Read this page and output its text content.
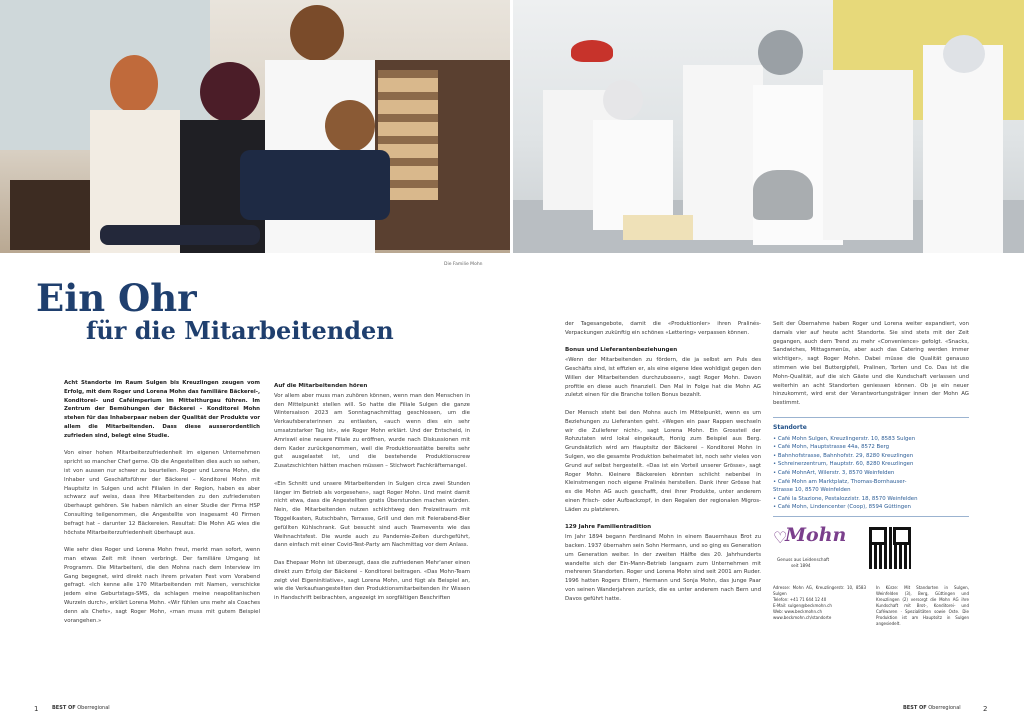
Die Familie Mohn
Ein Ohr
für die Mitarbeitenden

Acht Standorte im Raum Sulgen bis Kreuzlingen zeugen vom Erfolg, mit dem Roger und Lorena Mohn das familiäre Bäckerei-, Konditorei- und Caféimperium im Mittelthurgau führen. Im Zentrum der Bemühungen der Bäckerei – Konditorei Mohn stehen für das Inhaberpaar neben der Qualität der Produkte vor allem die Mitarbeitenden. Dass diese ausserordentlich zufrieden sind, belegt eine Studie.

Von einer hohen Mitarbeiterzufriedenheit im eigenen Unternehmen spricht so mancher Chef gerne. Ob die Angestellten dies auch so sehen, ist von aussen nur schwer zu beurteilen. Roger und Lorena Mohn, die Inhaber und Geschäftsführer der Bäckerei – Konditorei Mohn mit Hauptsitz in Sulgen und acht Filialen in der Region, haben es aber schwarz auf weiss, dass ihre Mitarbeitenden zu den zufriedensten überhaupt gehören. Sie haben nämlich an einer Studie der Firma HSP Consulting teilgenommen, die Angestellte von insgesamt 40 Firmen befragt hat – darunter 12 Bäckereien. Resultat: Die Mohn AG wies die höchste Mitarbeiterzufriedenheit überhaupt aus.

Wie sehr dies Roger und Lorena Mohn freut, merkt man sofort, wenn man etwas Zeit mit ihnen verbringt. Der familiäre Umgang ist Programm. Die Mitarbeiteni, die den Mohns nach dem Interview im Gang begegnet, wird direkt nach ihrem privaten Fest vom Vorabend gefragt. «Ich kenne alle 170 Mitarbeitenden mit Namen, verschicke jedem eine Geburtstags-SMS, da schlagen meine neapolitanischen Wurzeln durch», erklärt Lorena Mohn. «Wir fühlen uns mehr als Coaches denn als Chefs», sagt Roger Mohn, «man muss mit gutem Beispiel vorangehen.»

Auf die Mitarbeitenden hören

Vor allem aber muss man zuhören können, wenn man den Menschen in den Mittelpunkt stellen will. So hatte die Filiale Sulgen die ganze Wintersaison 2023 am Sonntagnachmittag geschlossen, um die Verkaufsberaterinnen zu entlasten, «auch wenn dies ein sehr umsatzstarker Tag ist», wie Roger Mohn erklärt. Und der Entscheid, in Amriswil eine neuere Filiale zu eröffnen, wurde nach Diskussionen mit dem Kader zurückgenommen, weil die Produktionsstätte bereits sehr gut ausgelastet ist, und die bestehende Produktionscrew Zusatzschichten hätten machen müssen – Stichwort Fachkräftemangel.

«Ein Schnitt und unsere Mitarbeitenden in Sulgen circa zwei Stunden länger im Betrieb als vorgesehen», sagt Roger Mohn. Und meint damit nicht etwa, dass die Angestellten gratis Überstunden machen würden. Nein, die Mitarbeitenden nutzen schlichtweg den Freizeitraum mit Töggelikasten, Rutschbahn, Terrasse, Grill und den mit Feierabend-Bier gefüllten Kühlschrank. Gut besucht sind auch Teamevents wie das Weihnachtsfest. Die wurde auch zu Pandemie-Zeiten durchgeführt, dann einfach mit einer Covid-Test-Party am Nachmittag vor dem Anlass.

Das Ehepaar Mohn ist überzeugt, dass die zufriedenen Mehr'aner einen direkt zum Erfolg der Bäckerei – Konditorei beitragen. «Das Mohn-Team zeigt viel Eigeninitiative», sagt Lorena Mohn, und fügt als Beispiel an, wie die Verkaufsangestellten den Produktionsmitarbeitenden ihr Wissen in Handschrift beibrachten, angezeigt im sorgfältigen Beschriften

der Tagesangebote, damit die «Produktionler» ihren Pralinés-Verpackungen zukünftig ein schönes «Lettering» verpassen können.

Bonus und Lieferantenbeziehungen

«Wenn der Mitarbeitenden zu fördern, die ja selbst am Puls des Geschäfts sind, ist effizien er, als eine eigene Idee wohldigst gegen den Willen der Mitarbeitenden durchzuboxen», sagt Roger Mohn. Davon profitie en diese auch finanziell. Den Mal in Folge hat die Mohn AG zuletzt einen für die Branche tollen Bonus bezahlt.

Der Mensch steht bei den Mohns auch im Mittelpunkt, wenn es um Beziehungen zu Lieferanten geht. «Wegen ein paar Rappen wechseln wir die Zulieferer nicht», sagt Lorena Mohn. Ein Grossteil der Rohzutaten wird lokal eingekauft, Honig zum Beispiel aus Berg. Grundsätzlich wird am Hauptsitz der Bäckerei – Konditorei Mohn in Sulgen, wo die gesamte Produktion beheimatet ist, noch sehr vieles von Grund auf selbst hergestellt. «Das ist ein Vorteil unserer Grösse», sagt Roger Mohn. Kleinere Bäckereien könnten schlicht nebenbei in Kleinstmengen noch eigene Pralinés herstellen. Dank ihrer Grösse hat es die Mohn AG auch geschafft, drei ihrer Produkte, unter anderem einen Frisch- oder Aufbackzopf, in den Regalen der regionalen Migros-Läden zu platzieren.

129 Jahre Familientradition

Im Jahr 1894 begann Ferdinand Mohn in einem Bauernhaus Brot zu backen. 1937 übernahm sein Sohn Hermann, und so ging es Generation um Generation weiter. In der zweiten Hälfte des 20. Jahrhunderts wandelte sich der Ein-Mann-Betrieb langsam zum Unternehmen mit mehreren Standorten. Roger und Lorena Mohn sind seit 2001 am Ruder. 1996 hatten Rogers Eltern, Hermann und Sonja Mohn, das junge Paar von seinen Wanderjahren zurück, die es unter anderem nach Bern und Davos geführt hatte.

Seit der Übernahme haben Roger und Lorena weiter expandiert, von damals vier auf heute acht Standorte. Sie sind stets mit der Zeit gegangen, auch dem Trend zu mehr «Convenience» gefolgt. «Snacks, Sandwiches, Mittagsmenüs, aber auch das Catering werden immer wichtiger», sagt Roger Mohn. Dabei müsse die Qualität genauso stimmen wie bei Buttergipfeli, Pralinen, Torten und Co. Das ist die Mohn-Qualität, auf die sich Gäste und die Kundschaft verlassen und weiterhin an acht Standorten geniessen können. Ob je ein neuer hinzukommt, wird erst der Verantwortungsträger innen der Mohn AG bestimmt.

Standorte
• Café Mohn Sulgen, Kreuzlingerstr. 10, 8583 Sulgen
• Café Mohn, Hauptstrasse 44a, 8572 Berg
• Bahnhofstrasse, Bahnhofstr. 29, 8280 Kreuzlingen
• Schreinerzentrum, Hauptstr. 60, 8280 Kreuzlingen
• Café MohnArt, Wilerstr. 3, 8570 Weinfelden
• Café Mohn am Marktplatz, Thomas-Bornhauser-
Strasse 10, 8570 Weinfelden
• Café la Stazione, Pestalozzistr. 18, 8570 Weinfelden
• Café Mohn, Lindencenter (Coop), 8594 Güttingen
♡
Mohn
Genuss aus Leidenschaft
seit 1894
Adresse: Mohn AG, Kreuzlingerstr. 10, 8583 Sulgen
Telefon: +41 71 644 12 40
E-Mail: sulgen@beckmohn.ch
Web: www.beckmohn.ch
www.beckmohn.ch/standorte
In Kürze: Mit Standorten in Sulgen, Weinfelden (3), Berg, Güttingen und Kreuzlingen (2) versorgt die Mohn AG ihre Kundschaft mit Brot-, Konditorei- und Caféwaren · Spezialitäten sowie Oste. Die Produktion ist am Hauptsitz in Sulgen angesiedelt.
1	BEST OF Oberregional	BEST OF Oberregional	2
